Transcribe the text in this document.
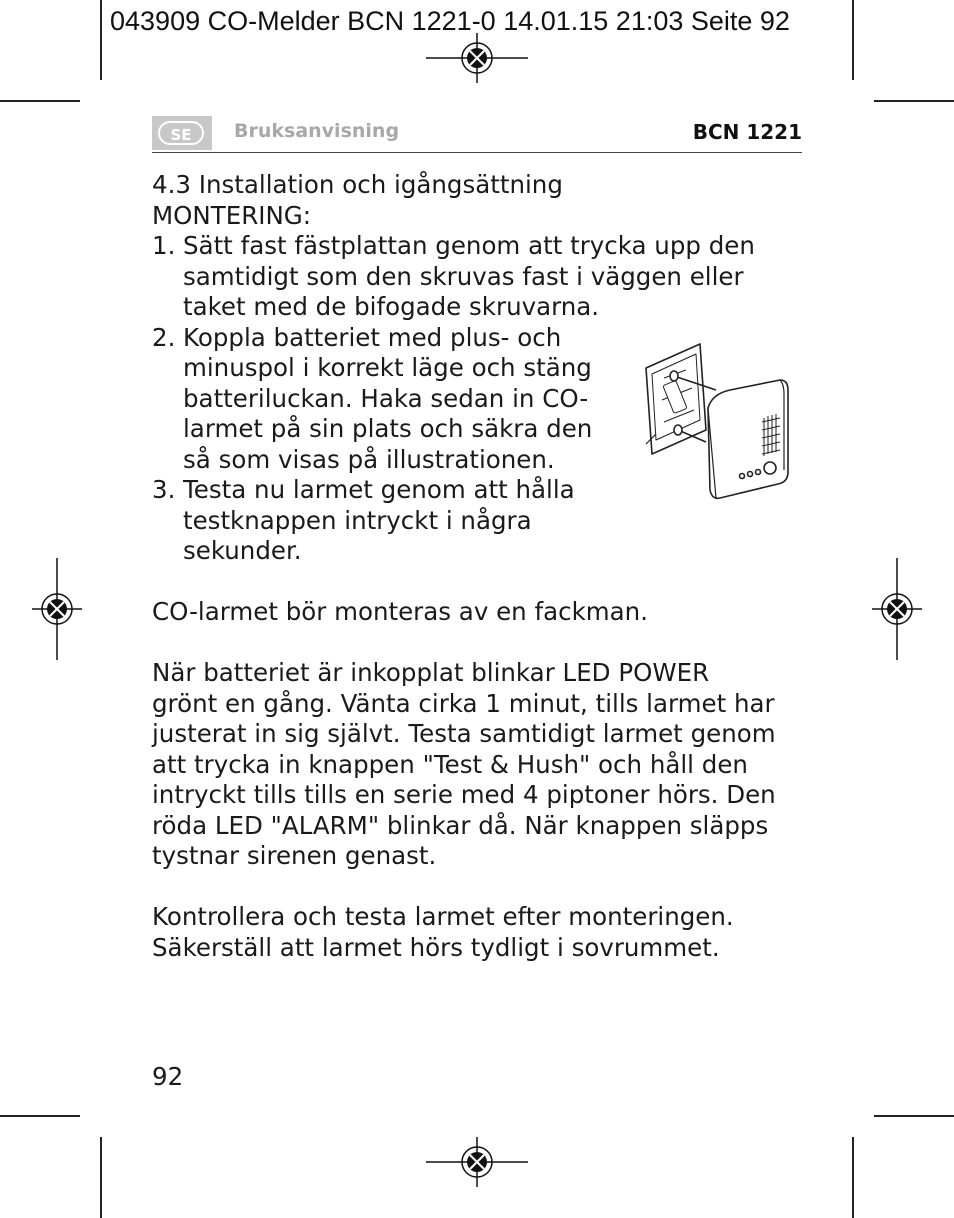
043909 CO-Melder BCN 1221-0 14.01.15 21:03 Seite 92
SE	Bruksanvisning	BCN 1221
4.3 Installation och igångsättning
MONTERING:
1. Sätt fast fästplattan genom att trycka upp den
samtidigt som den skruvas fast i väggen eller
taket med de bifogade skruvarna.
2. Koppla batteriet med plus- och
minuspol i korrekt läge och stäng
batteriluckan. Haka sedan in CO-
larmet på sin plats och säkra den
så som visas på illustrationen.
3. Testa nu larmet genom att hålla
testknappen intryckt i några
sekunder.
CO-larmet bör monteras av en fackman.
När batteriet är inkopplat blinkar LED POWER
grönt en gång. Vänta cirka 1 minut, tills larmet har
justerat in sig självt. Testa samtidigt larmet genom
att trycka in knappen "Test & Hush" och håll den
intryckt tills tills en serie med 4 piptoner hörs. Den
röda LED "ALARM" blinkar då. När knappen släpps
tystnar sirenen genast.
Kontrollera och testa larmet efter monteringen.
Säkerställ att larmet hörs tydligt i sovrummet.
92
